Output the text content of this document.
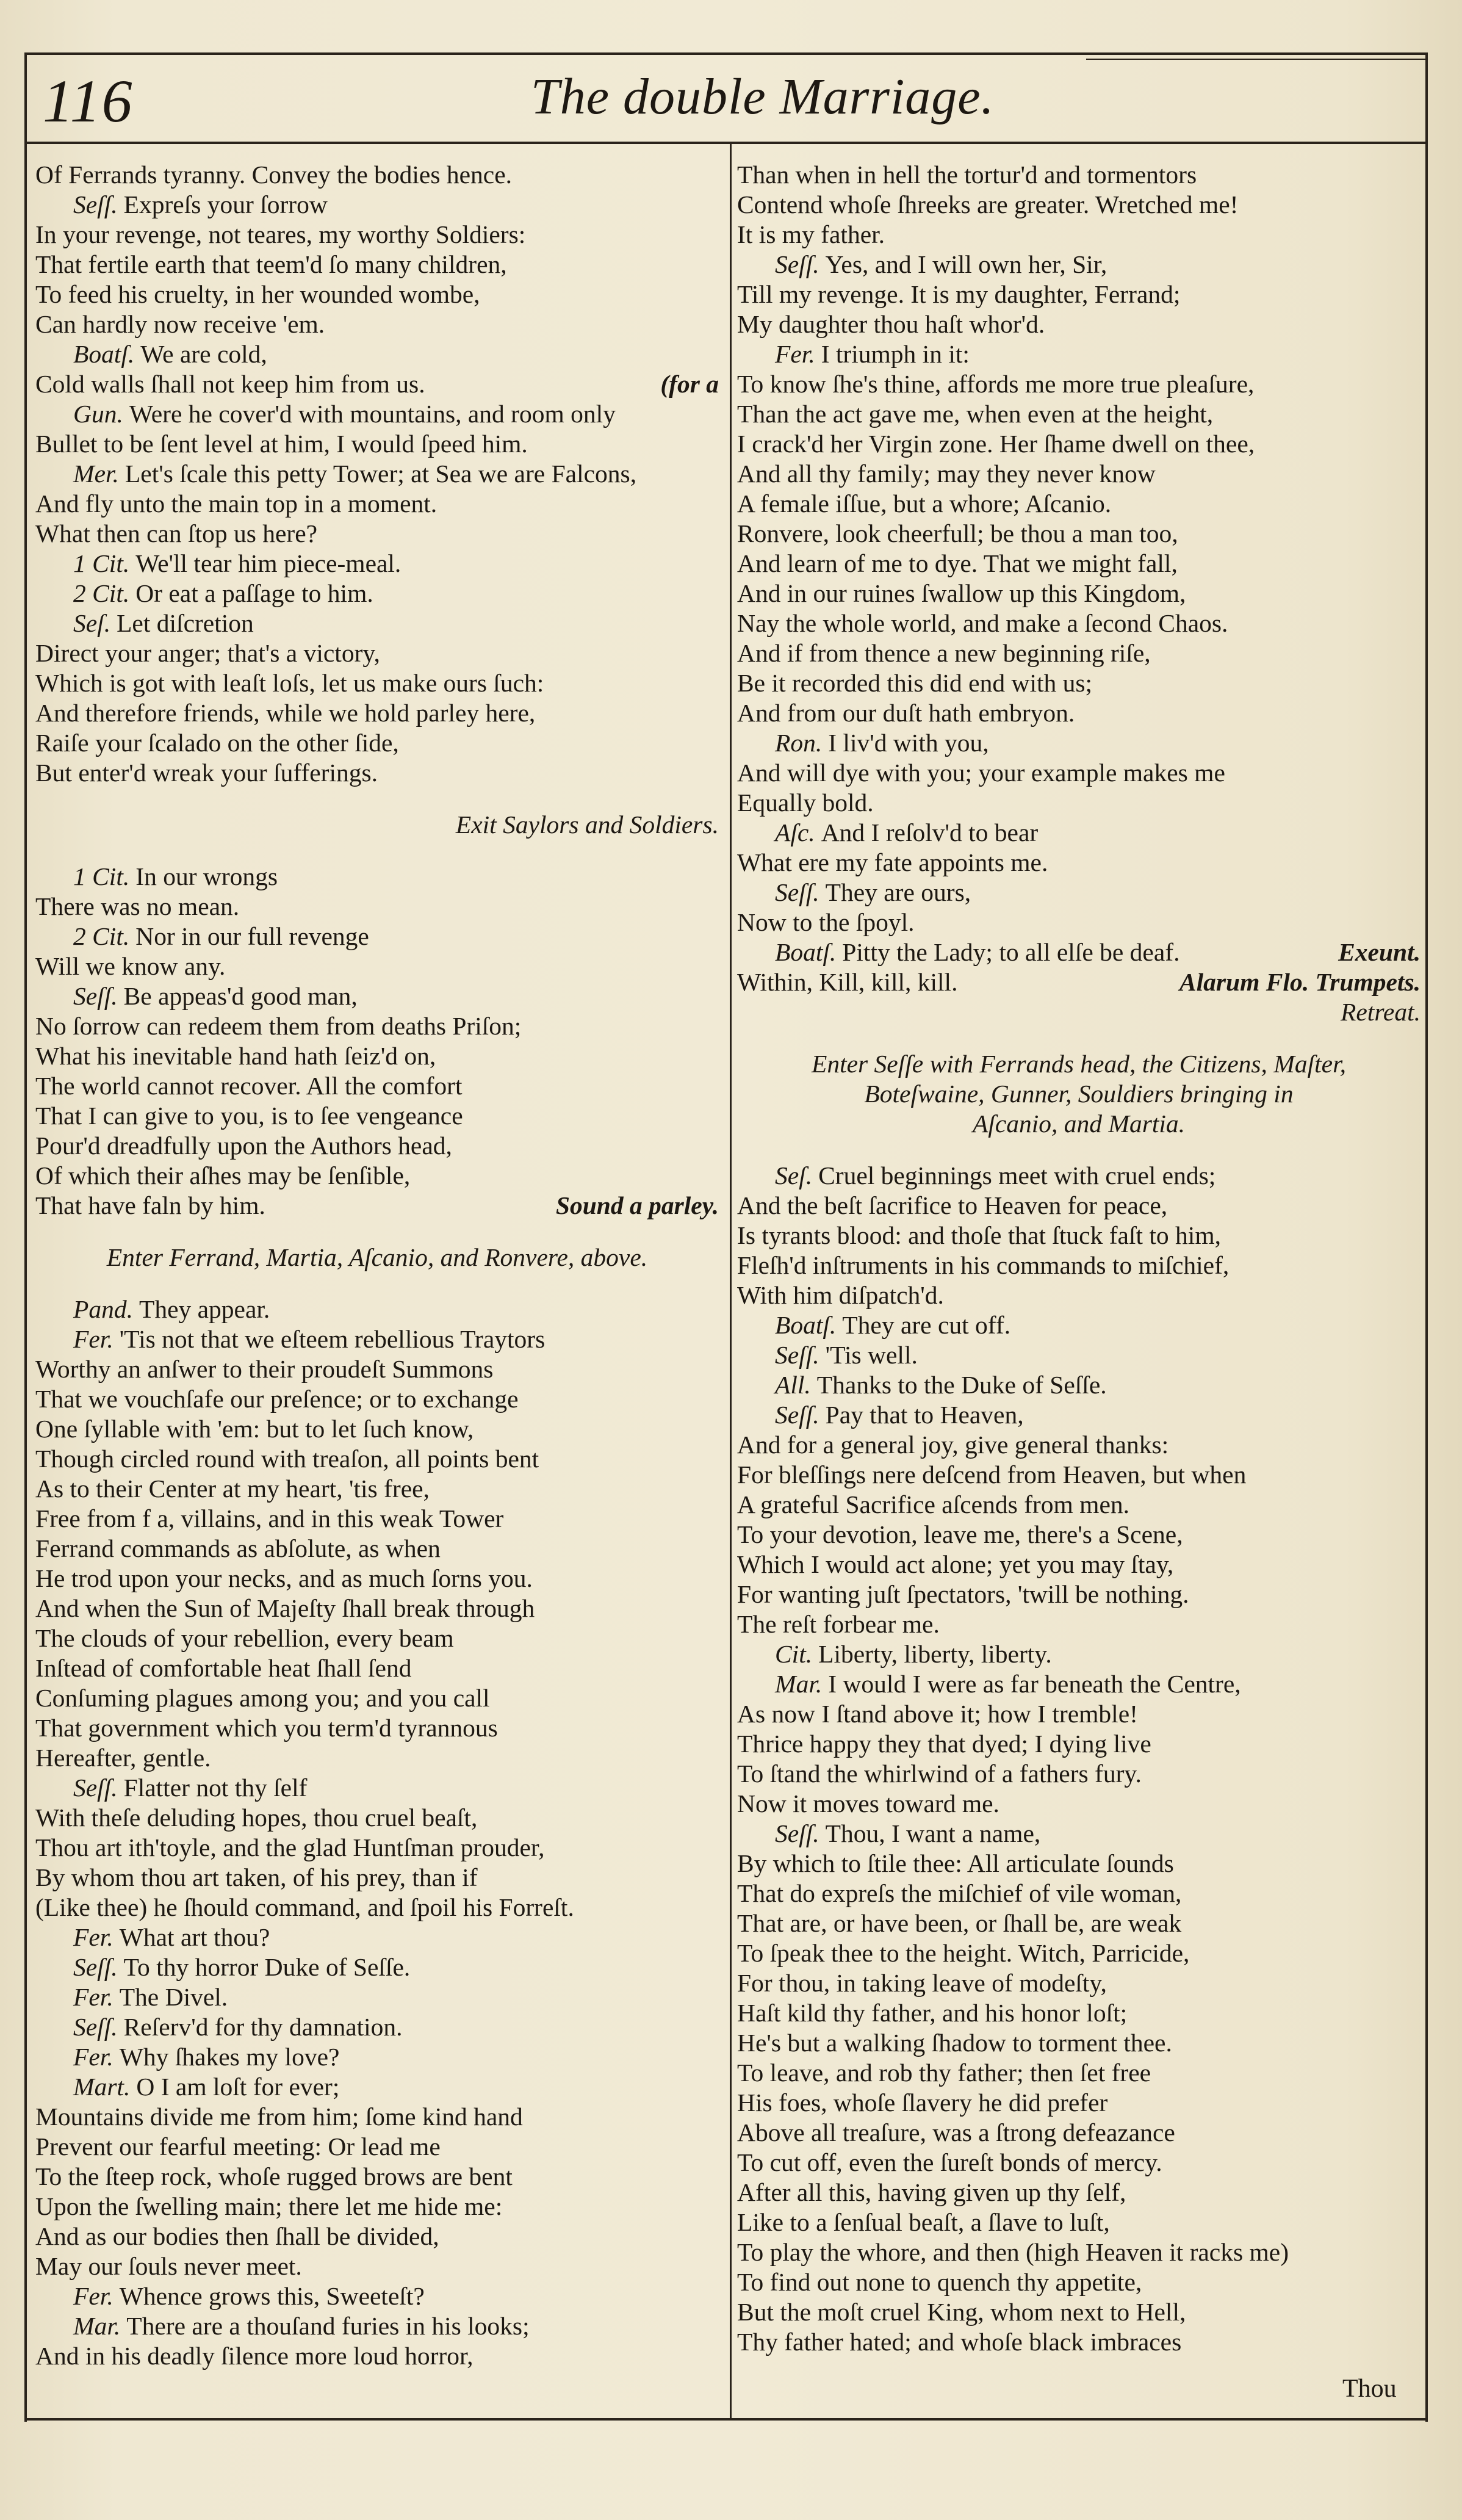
116	The double Marriage.
Of Ferrands tyranny. Convey the bodies hence.
Seſſ. Expreſs your ſorrow
In your revenge, not teares, my worthy Soldiers:
That fertile earth that teem'd ſo many children,
To feed his cruelty, in her wounded wombe,
Can hardly now receive 'em.
Boatſ. We are cold,
Cold walls ſhall not keep him from us.	(for a
Gun. Were he cover'd with mountains, and room only
Bullet to be ſent level at him, I would ſpeed him.
Mer. Let's ſcale this petty Tower; at Sea we are Falcons,
And fly unto the main top in a moment.
What then can ſtop us here?
1 Cit. We'll tear him piece-meal.
2 Cit. Or eat a paſſage to him.
Seſ. Let diſcretion
Direct your anger; that's a victory,
Which is got with leaſt loſs, let us make ours ſuch:
And therefore friends, while we hold parley here,
Raiſe your ſcalado on the other ſide,
But enter'd wreak your ſufferings.
Exit Saylors and Soldiers.
1 Cit. In our wrongs
There was no mean.
2 Cit. Nor in our full revenge
Will we know any.
Seſſ. Be appeas'd good man,
No ſorrow can redeem them from deaths Priſon;
What his inevitable hand hath ſeiz'd on,
The world cannot recover. All the comfort
That I can give to you, is to ſee vengeance
Pour'd dreadfully upon the Authors head,
Of which their aſhes may be ſenſible,
That have faln by him.	Sound a parley.
Enter Ferrand, Martia, Aſcanio, and Ronvere, above.
Pand. They appear.
Fer. 'Tis not that we eſteem rebellious Traytors
Worthy an anſwer to their proudeſt Summons
That we vouchſafe our preſence; or to exchange
One ſyllable with 'em: but to let ſuch know,
Though circled round with treaſon, all points bent
As to their Center at my heart, 'tis free,
Free from f a, villains, and in this weak Tower
Ferrand commands as abſolute, as when
He trod upon your necks, and as much ſorns you.
And when the Sun of Majeſty ſhall break through
The clouds of your rebellion, every beam
Inſtead of comfortable heat ſhall ſend
Conſuming plagues among you; and you call
That government which you term'd tyrannous
Hereafter, gentle.
Seſſ. Flatter not thy ſelf
With theſe deluding hopes, thou cruel beaſt,
Thou art ith'toyle, and the glad Huntſman prouder,
By whom thou art taken, of his prey, than if
(Like thee) he ſhould command, and ſpoil his Forreſt.
Fer. What art thou?
Seſſ. To thy horror Duke of Seſſe.
Fer. The Divel.
Seſſ. Reſerv'd for thy damnation.
Fer. Why ſhakes my love?
Mart. O I am loſt for ever;
Mountains divide me from him; ſome kind hand
Prevent our fearful meeting: Or lead me
To the ſteep rock, whoſe rugged brows are bent
Upon the ſwelling main; there let me hide me:
And as our bodies then ſhall be divided,
May our ſouls never meet.
Fer. Whence grows this, Sweeteſt?
Mar. There are a thouſand furies in his looks;
And in his deadly ſilence more loud horror,
Than when in hell the tortur'd and tormentors
Contend whoſe ſhreeks are greater. Wretched me!
It is my father.
Seſſ. Yes, and I will own her, Sir,
Till my revenge. It is my daughter, Ferrand;
My daughter thou haſt whor'd.
Fer. I triumph in it:
To know ſhe's thine, affords me more true pleaſure,
Than the act gave me, when even at the height,
I crack'd her Virgin zone. Her ſhame dwell on thee,
And all thy family; may they never know
A female iſſue, but a whore; Aſcanio.
Ronvere, look cheerfull; be thou a man too,
And learn of me to dye. That we might fall,
And in our ruines ſwallow up this Kingdom,
Nay the whole world, and make a ſecond Chaos.
And if from thence a new beginning riſe,
Be it recorded this did end with us;
And from our duſt hath embryon.
Ron. I liv'd with you,
And will dye with you; your example makes me
Equally bold.
Aſc. And I reſolv'd to bear
What ere my fate appoints me.
Seſſ. They are ours,
Now to the ſpoyl.
Boatſ. Pitty the Lady; to all elſe be deaf.	Exeunt.
Within, Kill, kill, kill.	Alarum Flo. Trumpets.
Retreat.
Enter Seſſe with Ferrands head, the Citizens, Maſter,
Boteſwaine, Gunner, Souldiers bringing in
Aſcanio, and Martia.
Seſ. Cruel beginnings meet with cruel ends;
And the beſt ſacrifice to Heaven for peace,
Is tyrants blood: and thoſe that ſtuck faſt to him,
Fleſh'd inſtruments in his commands to miſchief,
With him diſpatch'd.
Boatſ. They are cut off.
Seſſ. 'Tis well.
All. Thanks to the Duke of Seſſe.
Seſſ. Pay that to Heaven,
And for a general joy, give general thanks:
For bleſſings nere deſcend from Heaven, but when
A grateful Sacrifice aſcends from men.
To your devotion, leave me, there's a Scene,
Which I would act alone; yet you may ſtay,
For wanting juſt ſpectators, 'twill be nothing.
The reſt forbear me.
Cit. Liberty, liberty, liberty.
Mar. I would I were as far beneath the Centre,
As now I ſtand above it; how I tremble!
Thrice happy they that dyed; I dying live
To ſtand the whirlwind of a fathers fury.
Now it moves toward me.
Seſſ. Thou, I want a name,
By which to ſtile thee: All articulate ſounds
That do expreſs the miſchief of vile woman,
That are, or have been, or ſhall be, are weak
To ſpeak thee to the height. Witch, Parricide,
For thou, in taking leave of modeſty,
Haſt kild thy father, and his honor loſt;
He's but a walking ſhadow to torment thee.
To leave, and rob thy father; then ſet free
His foes, whoſe ſlavery he did prefer
Above all treaſure, was a ſtrong defeazance
To cut off, even the ſureſt bonds of mercy.
After all this, having given up thy ſelf,
Like to a ſenſual beaſt, a ſlave to luſt,
To play the whore, and then (high Heaven it racks me)
To find out none to quench thy appetite,
But the moſt cruel King, whom next to Hell,
Thy father hated; and whoſe black imbraces
Thou
